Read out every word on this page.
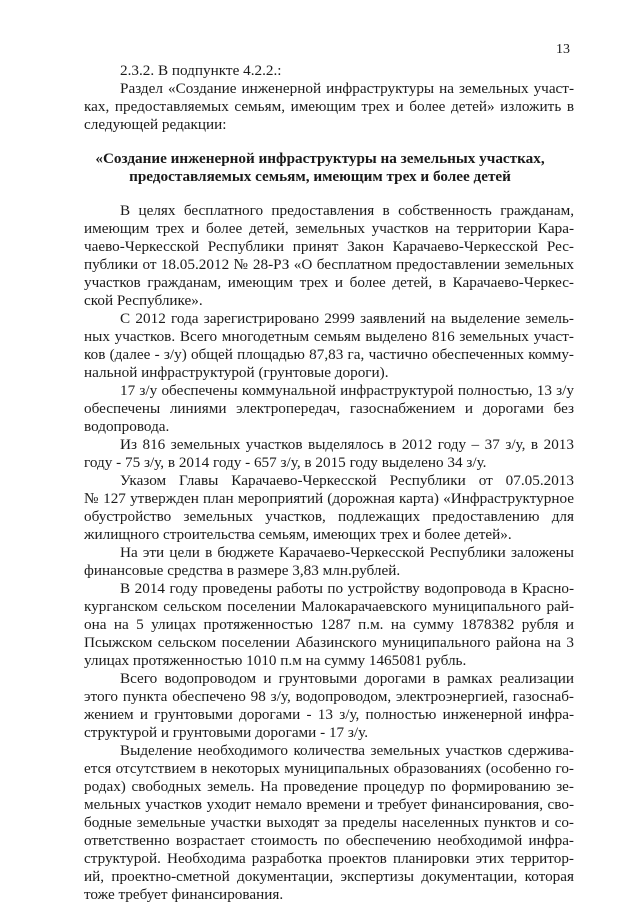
13
2.3.2. В подпункте 4.2.2.:
Раздел «Создание инженерной инфраструктуры на земельных участ-
ках, предоставляемых семьям, имеющим трех и более детей» изложить в
следующей редакции:
«Создание инженерной инфраструктуры на земельных участках,
предоставляемых семьям, имеющим трех и более детей
В целях бесплатного предоставления в собственность гражданам,
имеющим трех и более детей, земельных участков на территории Кара-
чаево-Черкесской Республики принят Закон Карачаево-Черкесской Рес-
публики от 18.05.2012 № 28-РЗ «О бесплатном предоставлении земельных
участков гражданам, имеющим трех и более детей, в Карачаево-Черкес-
ской Республике».
С 2012 года зарегистрировано 2999 заявлений на выделение земель-
ных участков. Всего многодетным семьям выделено 816 земельных участ-
ков (далее - з/у) общей площадью 87,83 га, частично обеспеченных комму-
нальной инфраструктурой (грунтовые дороги).
17 з/у обеспечены коммунальной инфраструктурой полностью, 13 з/у
обеспечены линиями электропередач, газоснабжением и дорогами без
водопровода.
Из 816 земельных участков выделялось в 2012 году – 37 з/у, в 2013
году - 75 з/у, в 2014 году - 657 з/у, в 2015 году выделено 34 з/у.
Указом Главы Карачаево-Черкесской Республики от 07.05.2013
№ 127 утвержден план мероприятий (дорожная карта) «Инфраструктурное
обустройство земельных участков, подлежащих предоставлению для
жилищного строительства семьям, имеющих трех и более детей».
На эти цели в бюджете Карачаево-Черкесской Республики заложены
финансовые средства в размере 3,83 млн.рублей.
В 2014 году проведены работы по устройству водопровода в Красно-
курганском сельском поселении Малокарачаевского муниципального рай-
она на 5 улицах протяженностью 1287 п.м. на сумму 1878382 рубля и
Псыжском сельском поселении Абазинского муниципального района на 3
улицах протяженностью 1010 п.м на сумму 1465081 рубль.
Всего водопроводом и грунтовыми дорогами в рамках реализации
этого пункта обеспечено 98 з/у, водопроводом, электроэнергией, газоснаб-
жением и грунтовыми дорогами - 13 з/у, полностью инженерной инфра-
структурой и грунтовыми дорогами - 17 з/у.
Выделение необходимого количества земельных участков сдержива-
ется отсутствием в некоторых муниципальных образованиях (особенно го-
родах) свободных земель. На проведение процедур по формированию зе-
мельных участков уходит немало времени и требует финансирования, сво-
бодные земельные участки выходят за пределы населенных пунктов и со-
ответственно возрастает стоимость по обеспечению необходимой инфра-
структурой. Необходима разработка проектов планировки этих территор-
ий, проектно-сметной документации, экспертизы документации, которая
тоже требует финансирования.
